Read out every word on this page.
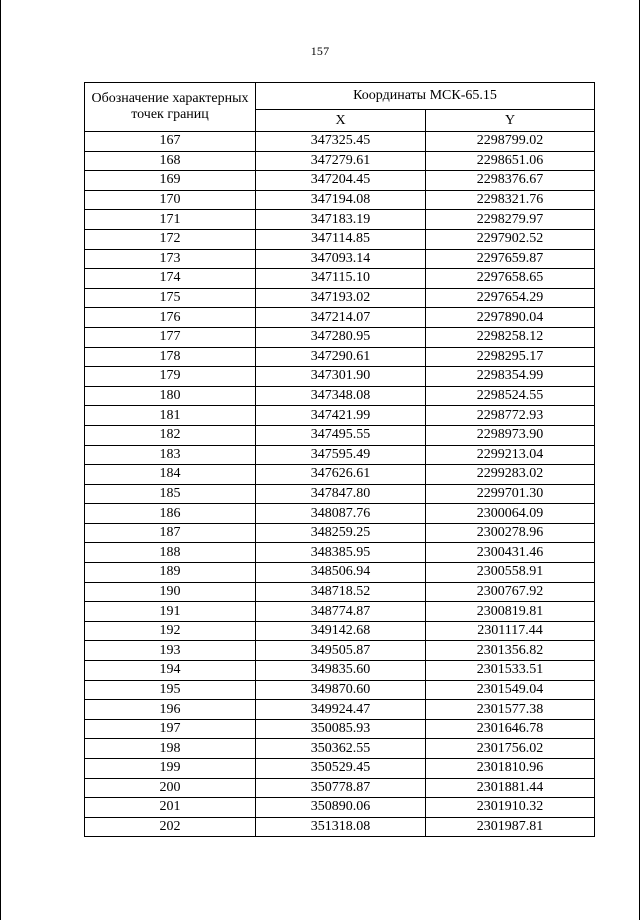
157
Обозначение характерных точек границ	Координаты МСК-65.15	
	X	Y
167	347325.45	2298799.02
168	347279.61	2298651.06
169	347204.45	2298376.67
170	347194.08	2298321.76
171	347183.19	2298279.97
172	347114.85	2297902.52
173	347093.14	2297659.87
174	347115.10	2297658.65
175	347193.02	2297654.29
176	347214.07	2297890.04
177	347280.95	2298258.12
178	347290.61	2298295.17
179	347301.90	2298354.99
180	347348.08	2298524.55
181	347421.99	2298772.93
182	347495.55	2298973.90
183	347595.49	2299213.04
184	347626.61	2299283.02
185	347847.80	2299701.30
186	348087.76	2300064.09
187	348259.25	2300278.96
188	348385.95	2300431.46
189	348506.94	2300558.91
190	348718.52	2300767.92
191	348774.87	2300819.81
192	349142.68	2301117.44
193	349505.87	2301356.82
194	349835.60	2301533.51
195	349870.60	2301549.04
196	349924.47	2301577.38
197	350085.93	2301646.78
198	350362.55	2301756.02
199	350529.45	2301810.96
200	350778.87	2301881.44
201	350890.06	2301910.32
202	351318.08	2301987.81
